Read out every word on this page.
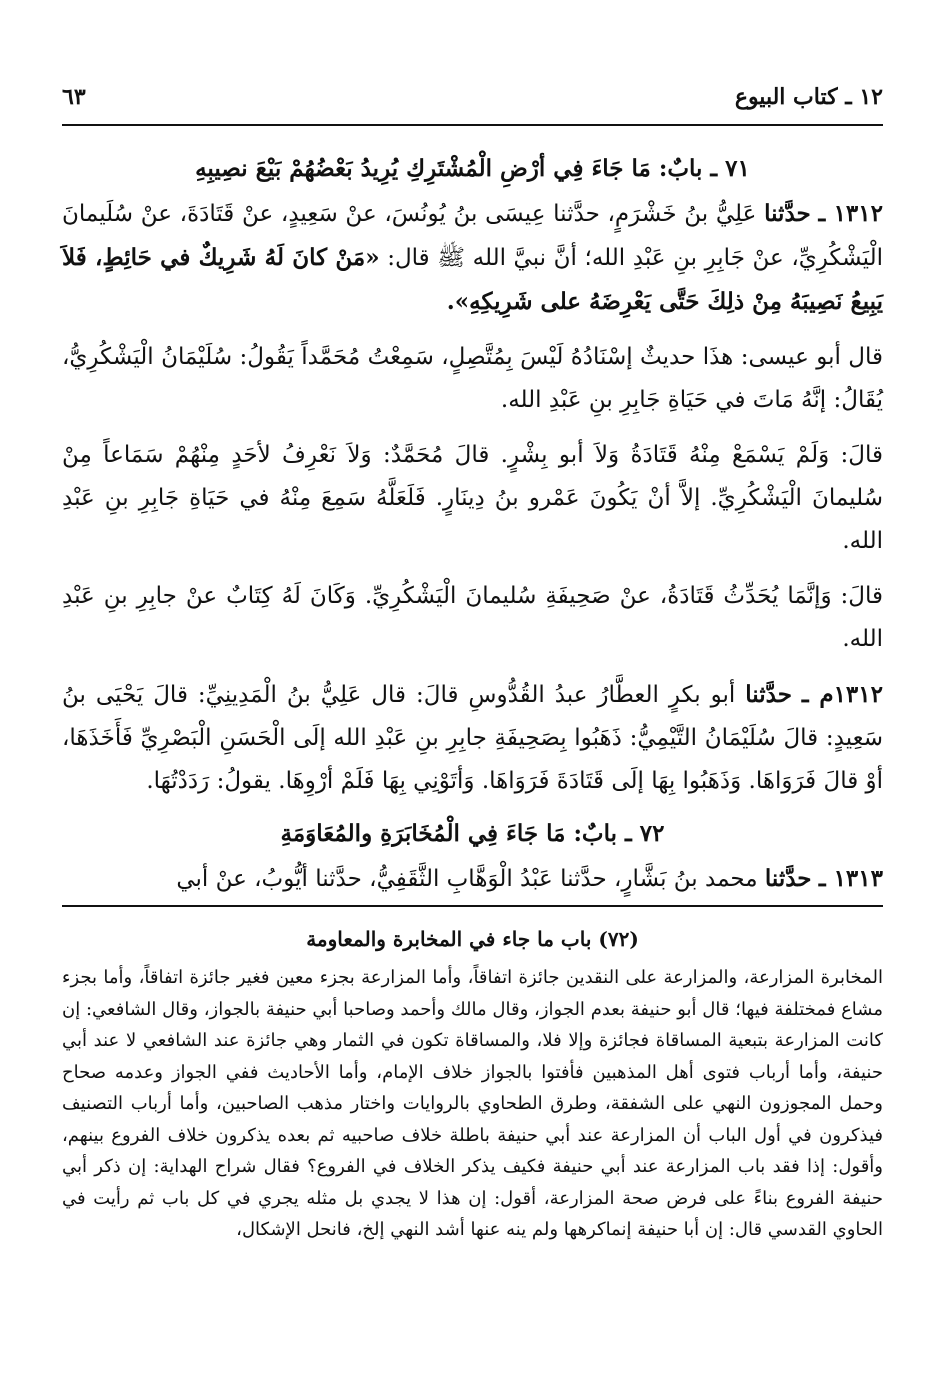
١٢ ـ كتاب البيوع
٦٣
٧١ ـ بابٌ: مَا جَاءَ فِي أرْضِ الْمُشْتَرِكِ يُرِيدُ بَعْضُهُمْ بَيْعَ نصِيبِهِ

١٣١٢ ـ حدَّثنا عَلِيُّ بنُ خَشْرَمٍ، حدَّثنا عِيسَى بنُ يُونُسَ، عنْ سَعِيدٍ، عنْ قَتَادَةَ، عنْ سُلَيمانَ الْيَشْكُرِيِّ، عنْ جَابِرِ بنِ عَبْدِ الله؛ أنَّ نبيَّ الله ﷺ قال: «مَنْ كانَ لَهُ شَرِيكٌ في حَائِطٍ، فَلاَ يَبِيعُ نَصِيبَهُ مِنْ ذلِكَ حَتَّى يَعْرِضَهُ على شَرِيكِهِ».

قال أبو عيسى: هذَا حديثٌ إسْنَادُهُ لَيْسَ بِمُتَّصِلٍ، سَمِعْتُ مُحَمَّداً يَقُولُ: سُلَيْمَانُ الْيَشْكُرِيُّ، يُقَالُ: إنَّهُ مَاتَ في حَيَاةِ جَابِرِ بنِ عَبْدِ الله.

قالَ: وَلَمْ يَسْمَعْ مِنْهُ قَتَادَةُ وَلاَ أبو بِشْرٍ. قالَ مُحَمَّدٌ: وَلاَ نَعْرِفُ لأحَدٍ مِنْهُمْ سَمَاعاً مِنْ سُليمانَ الْيَشْكُرِيِّ. إلاَّ أنْ يَكُونَ عَمْرو بنُ دِينَارٍ. فَلَعَلَّهُ سَمِعَ مِنْهُ في حَيَاةِ جَابِرِ بنِ عَبْدِ الله.

قالَ: وَإنَّمَا يُحَدِّثُ قَتَادَةُ، عنْ صَحِيفَةِ سُليمانَ الْيَشْكُرِيِّ. وَكَانَ لَهُ كِتَابٌ عنْ جابِرِ بنِ عَبْدِ الله.

١٣١٢م ـ حدَّثنا أبو بكرٍ العطَّارُ عبدُ القُدُّوسِ قالَ: قال عَلِيُّ بنُ الْمَدِينِيِّ: قالَ يَحْيَى بنُ سَعِيدٍ: قالَ سُلَيْمَانُ التَّيْمِيُّ: ذَهَبُوا بِصَحِيفَةِ جابِرِ بنِ عَبْدِ الله إلَى الْحَسَنِ الْبَصْرِيِّ فَأَخَذَهَا، أوْ قالَ فَرَوَاهَا. وَذَهَبُوا بِهَا إلَى قَتَادَةَ فَرَوَاهَا. وَأتَوْنِي بِهَا فَلَمْ أرْوِهَا. يقولُ: رَدَدْتُهَا.

٧٢ ـ بابٌ: مَا جَاءَ فِي الْمُخَابَرَةِ والمُعَاوَمَةِ

١٣١٣ ـ حدَّثنا محمد بنُ بَشَّارٍ، حدَّثنا عَبْدُ الْوَهَّابِ الثَّقَفِيُّ، حدَّثنا أيُّوبُ، عنْ أبي

(٧٢) باب ما جاء في المخابرة والمعاومة

المخابرة المزارعة، والمزارعة على النقدين جائزة اتفاقاً، وأما المزارعة بجزء معين فغير جائزة اتفاقاً، وأما بجزء مشاع فمختلفة فيها؛ قال أبو حنيفة بعدم الجواز، وقال مالك وأحمد وصاحبا أبي حنيفة بالجواز، وقال الشافعي: إن كانت المزارعة بتبعية المساقاة فجائزة وإلا فلا، والمساقاة تكون في الثمار وهي جائزة عند الشافعي لا عند أبي حنيفة، وأما أرباب فتوى أهل المذهبين فأفتوا بالجواز خلاف الإمام، وأما الأحاديث ففي الجواز وعدمه صحاح وحمل المجوزون النهي على الشفقة، وطرق الطحاوي بالروايات واختار مذهب الصاحبين، وأما أرباب التصنيف فيذكرون في أول الباب أن المزارعة عند أبي حنيفة باطلة خلاف صاحبيه ثم بعده يذكرون خلاف الفروع بينهم، وأقول: إذا فقد باب المزارعة عند أبي حنيفة فكيف يذكر الخلاف في الفروع؟ فقال شراح الهداية: إن ذكر أبي حنيفة الفروع بناءً على فرض صحة المزارعة، أقول: إن هذا لا يجدي بل مثله يجري في كل باب ثم رأيت في الحاوي القدسي قال: إن أبا حنيفة إنماكرهها ولم ينه عنها أشد النهي إلخ، فانحل الإشكال،
